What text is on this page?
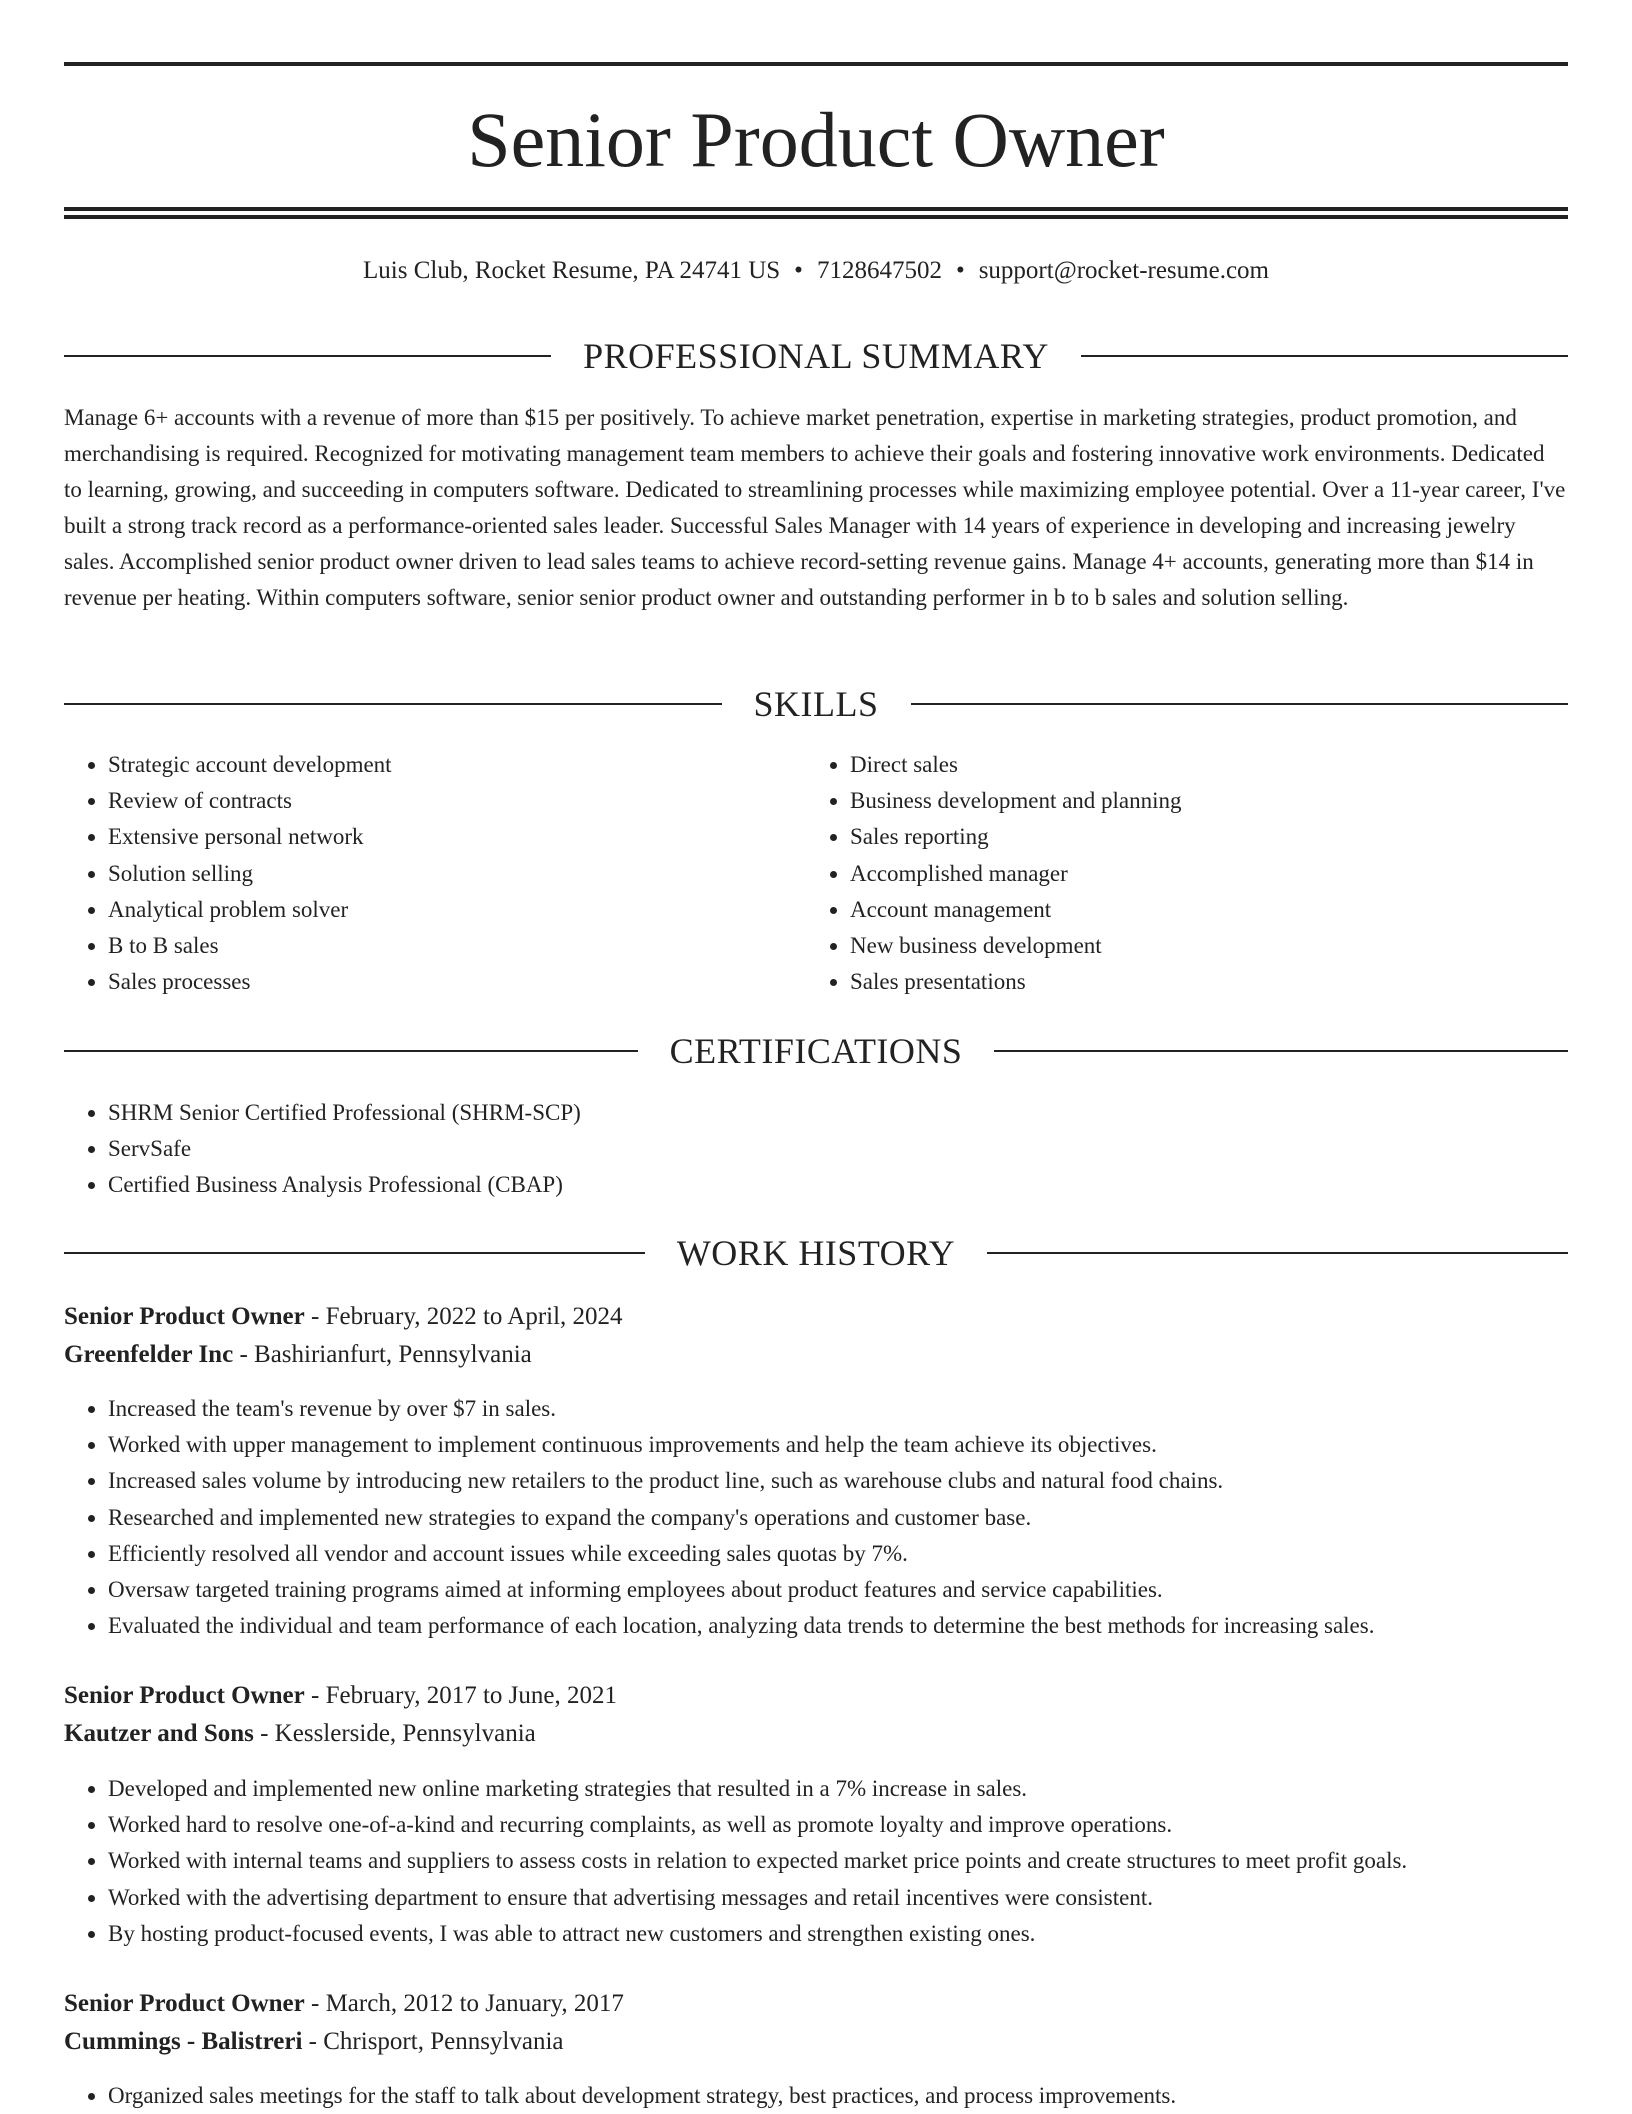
Senior Product Owner
Luis Club, Rocket Resume, PA 24741 US • 7128647502 • support@rocket-resume.com
PROFESSIONAL SUMMARY

Manage 6+ accounts with a revenue of more than $15 per positively. To achieve market penetration, expertise in marketing strategies, product promotion, and merchandising is required. Recognized for motivating management team members to achieve their goals and fostering innovative work environments. Dedicated to learning, growing, and succeeding in computers software. Dedicated to streamlining processes while maximizing employee potential. Over a 11-year career, I've built a strong track record as a performance-oriented sales leader. Successful Sales Manager with 14 years of experience in developing and increasing jewelry sales. Accomplished senior product owner driven to lead sales teams to achieve record-setting revenue gains. Manage 4+ accounts, generating more than $14 in revenue per heating. Within computers software, senior senior product owner and outstanding performer in b to b sales and solution selling.

SKILLS
• Strategic account development
• Review of contracts
• Extensive personal network
• Solution selling
• Analytical problem solver
• B to B sales
• Sales processes
• Direct sales
• Business development and planning
• Sales reporting
• Accomplished manager
• Account management
• New business development
• Sales presentations
CERTIFICATIONS
• SHRM Senior Certified Professional (SHRM-SCP)
• ServSafe
• Certified Business Analysis Professional (CBAP)
WORK HISTORY
Senior Product Owner - February, 2022 to April, 2024
Greenfelder Inc - Bashirianfurt, Pennsylvania
• Increased the team's revenue by over $7 in sales.
• Worked with upper management to implement continuous improvements and help the team achieve its objectives.
• Increased sales volume by introducing new retailers to the product line, such as warehouse clubs and natural food chains.
• Researched and implemented new strategies to expand the company's operations and customer base.
• Efficiently resolved all vendor and account issues while exceeding sales quotas by 7%.
• Oversaw targeted training programs aimed at informing employees about product features and service capabilities.
• Evaluated the individual and team performance of each location, analyzing data trends to determine the best methods for increasing sales.
Senior Product Owner - February, 2017 to June, 2021
Kautzer and Sons - Kesslerside, Pennsylvania
• Developed and implemented new online marketing strategies that resulted in a 7% increase in sales.
• Worked hard to resolve one-of-a-kind and recurring complaints, as well as promote loyalty and improve operations.
• Worked with internal teams and suppliers to assess costs in relation to expected market price points and create structures to meet profit goals.
• Worked with the advertising department to ensure that advertising messages and retail incentives were consistent.
• By hosting product-focused events, I was able to attract new customers and strengthen existing ones.
Senior Product Owner - March, 2012 to January, 2017
Cummings - Balistreri - Chrisport, Pennsylvania
• Organized sales meetings for the staff to talk about development strategy, best practices, and process improvements.
